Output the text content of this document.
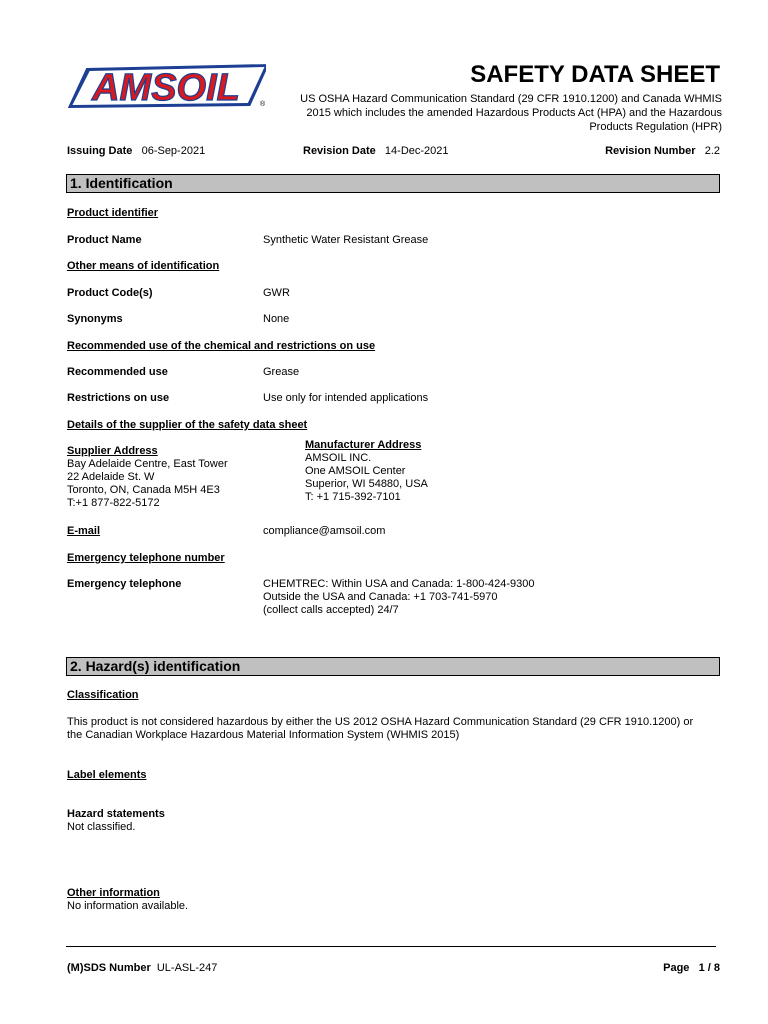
AMSOIL	®
SAFETY DATA SHEET
US OSHA Hazard Communication Standard (29 CFR 1910.1200) and Canada WHMIS
2015 which includes the amended Hazardous Products Act (HPA) and the Hazardous
Products Regulation (HPR)
Issuing Date 06-Sep-2021	Revision Date 14-Dec-2021	Revision Number 2.2
1. Identification
Product identifier
Product Name	Synthetic Water Resistant Grease
Other means of identification
Product Code(s)	GWR
Synonyms	None
Recommended use of the chemical and restrictions on use
Recommended use	Grease
Restrictions on use	Use only for intended applications
Details of the supplier of the safety data sheet
Supplier Address
Bay Adelaide Centre, East Tower
22 Adelaide St. W
Toronto, ON, Canada M5H 4E3
T:+1 877-822-5172
Manufacturer Address
AMSOIL INC.
One AMSOIL Center
Superior, WI 54880, USA
T: +1 715-392-7101
E-mail	compliance@amsoil.com
Emergency telephone number
Emergency telephone	CHEMTREC: Within USA and Canada: 1-800-424-9300
Outside the USA and Canada: +1 703-741-5970
(collect calls accepted) 24/7
2. Hazard(s) identification
Classification
This product is not considered hazardous by either the US 2012 OSHA Hazard Communication Standard (29 CFR 1910.1200) or
the Canadian Workplace Hazardous Material Information System (WHMIS 2015)
Label elements
Hazard statements
Not classified.
Other information
No information available.
(M)SDS Number UL-ASL-247	Page 1 / 8
